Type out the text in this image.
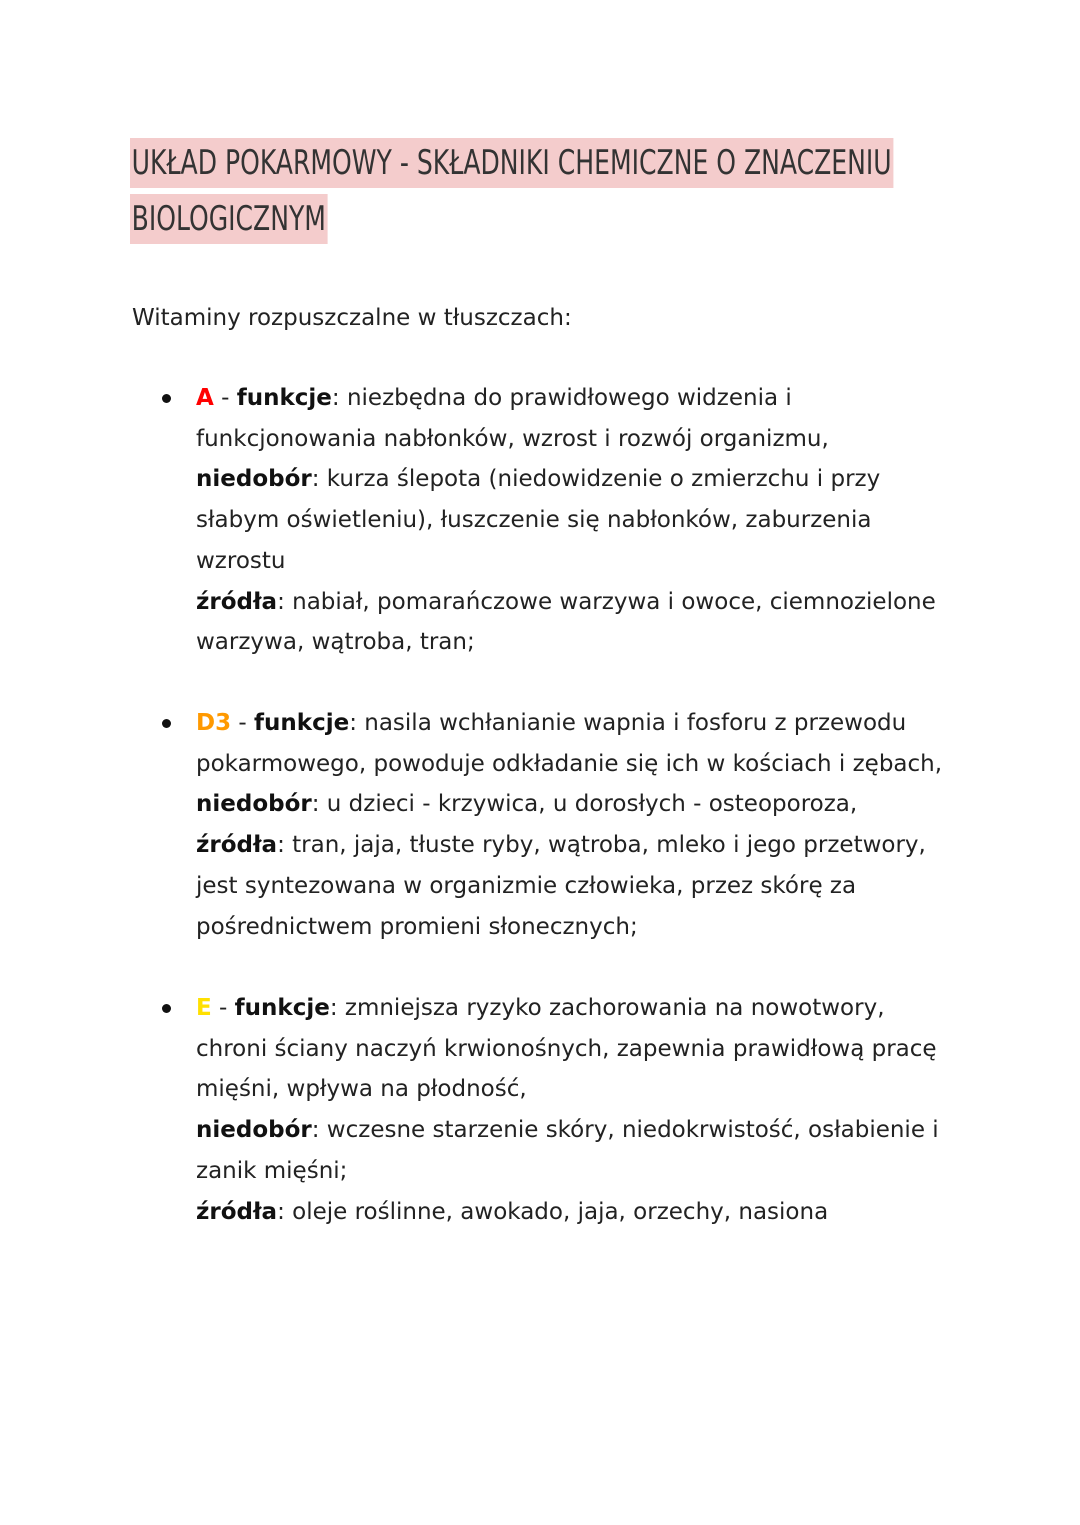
UKŁAD POKARMOWY - SKŁADNIKI CHEMICZNE O ZNACZENIU
BIOLOGICZNYM
Witaminy rozpuszczalne w tłuszczach:
A - funkcje: niezbędna do prawidłowego widzenia i
funkcjonowania nabłonków, wzrost i rozwój organizmu,
niedobór: kurza ślepota (niedowidzenie o zmierzchu i przy
słabym oświetleniu), łuszczenie się nabłonków, zaburzenia
wzrostu
źródła: nabiał, pomarańczowe warzywa i owoce, ciemnozielone
warzywa, wątroba, tran;
D3 - funkcje: nasila wchłanianie wapnia i fosforu z przewodu
pokarmowego, powoduje odkładanie się ich w kościach i zębach,
niedobór: u dzieci - krzywica, u dorosłych - osteoporoza,
źródła: tran, jaja, tłuste ryby, wątroba, mleko i jego przetwory,
jest syntezowana w organizmie człowieka, przez skórę za
pośrednictwem promieni słonecznych;
E - funkcje: zmniejsza ryzyko zachorowania na nowotwory,
chroni ściany naczyń krwionośnych, zapewnia prawidłową pracę
mięśni, wpływa na płodność,
niedobór: wczesne starzenie skóry, niedokrwistość, osłabienie i
zanik mięśni;
źródła: oleje roślinne, awokado, jaja, orzechy, nasiona
